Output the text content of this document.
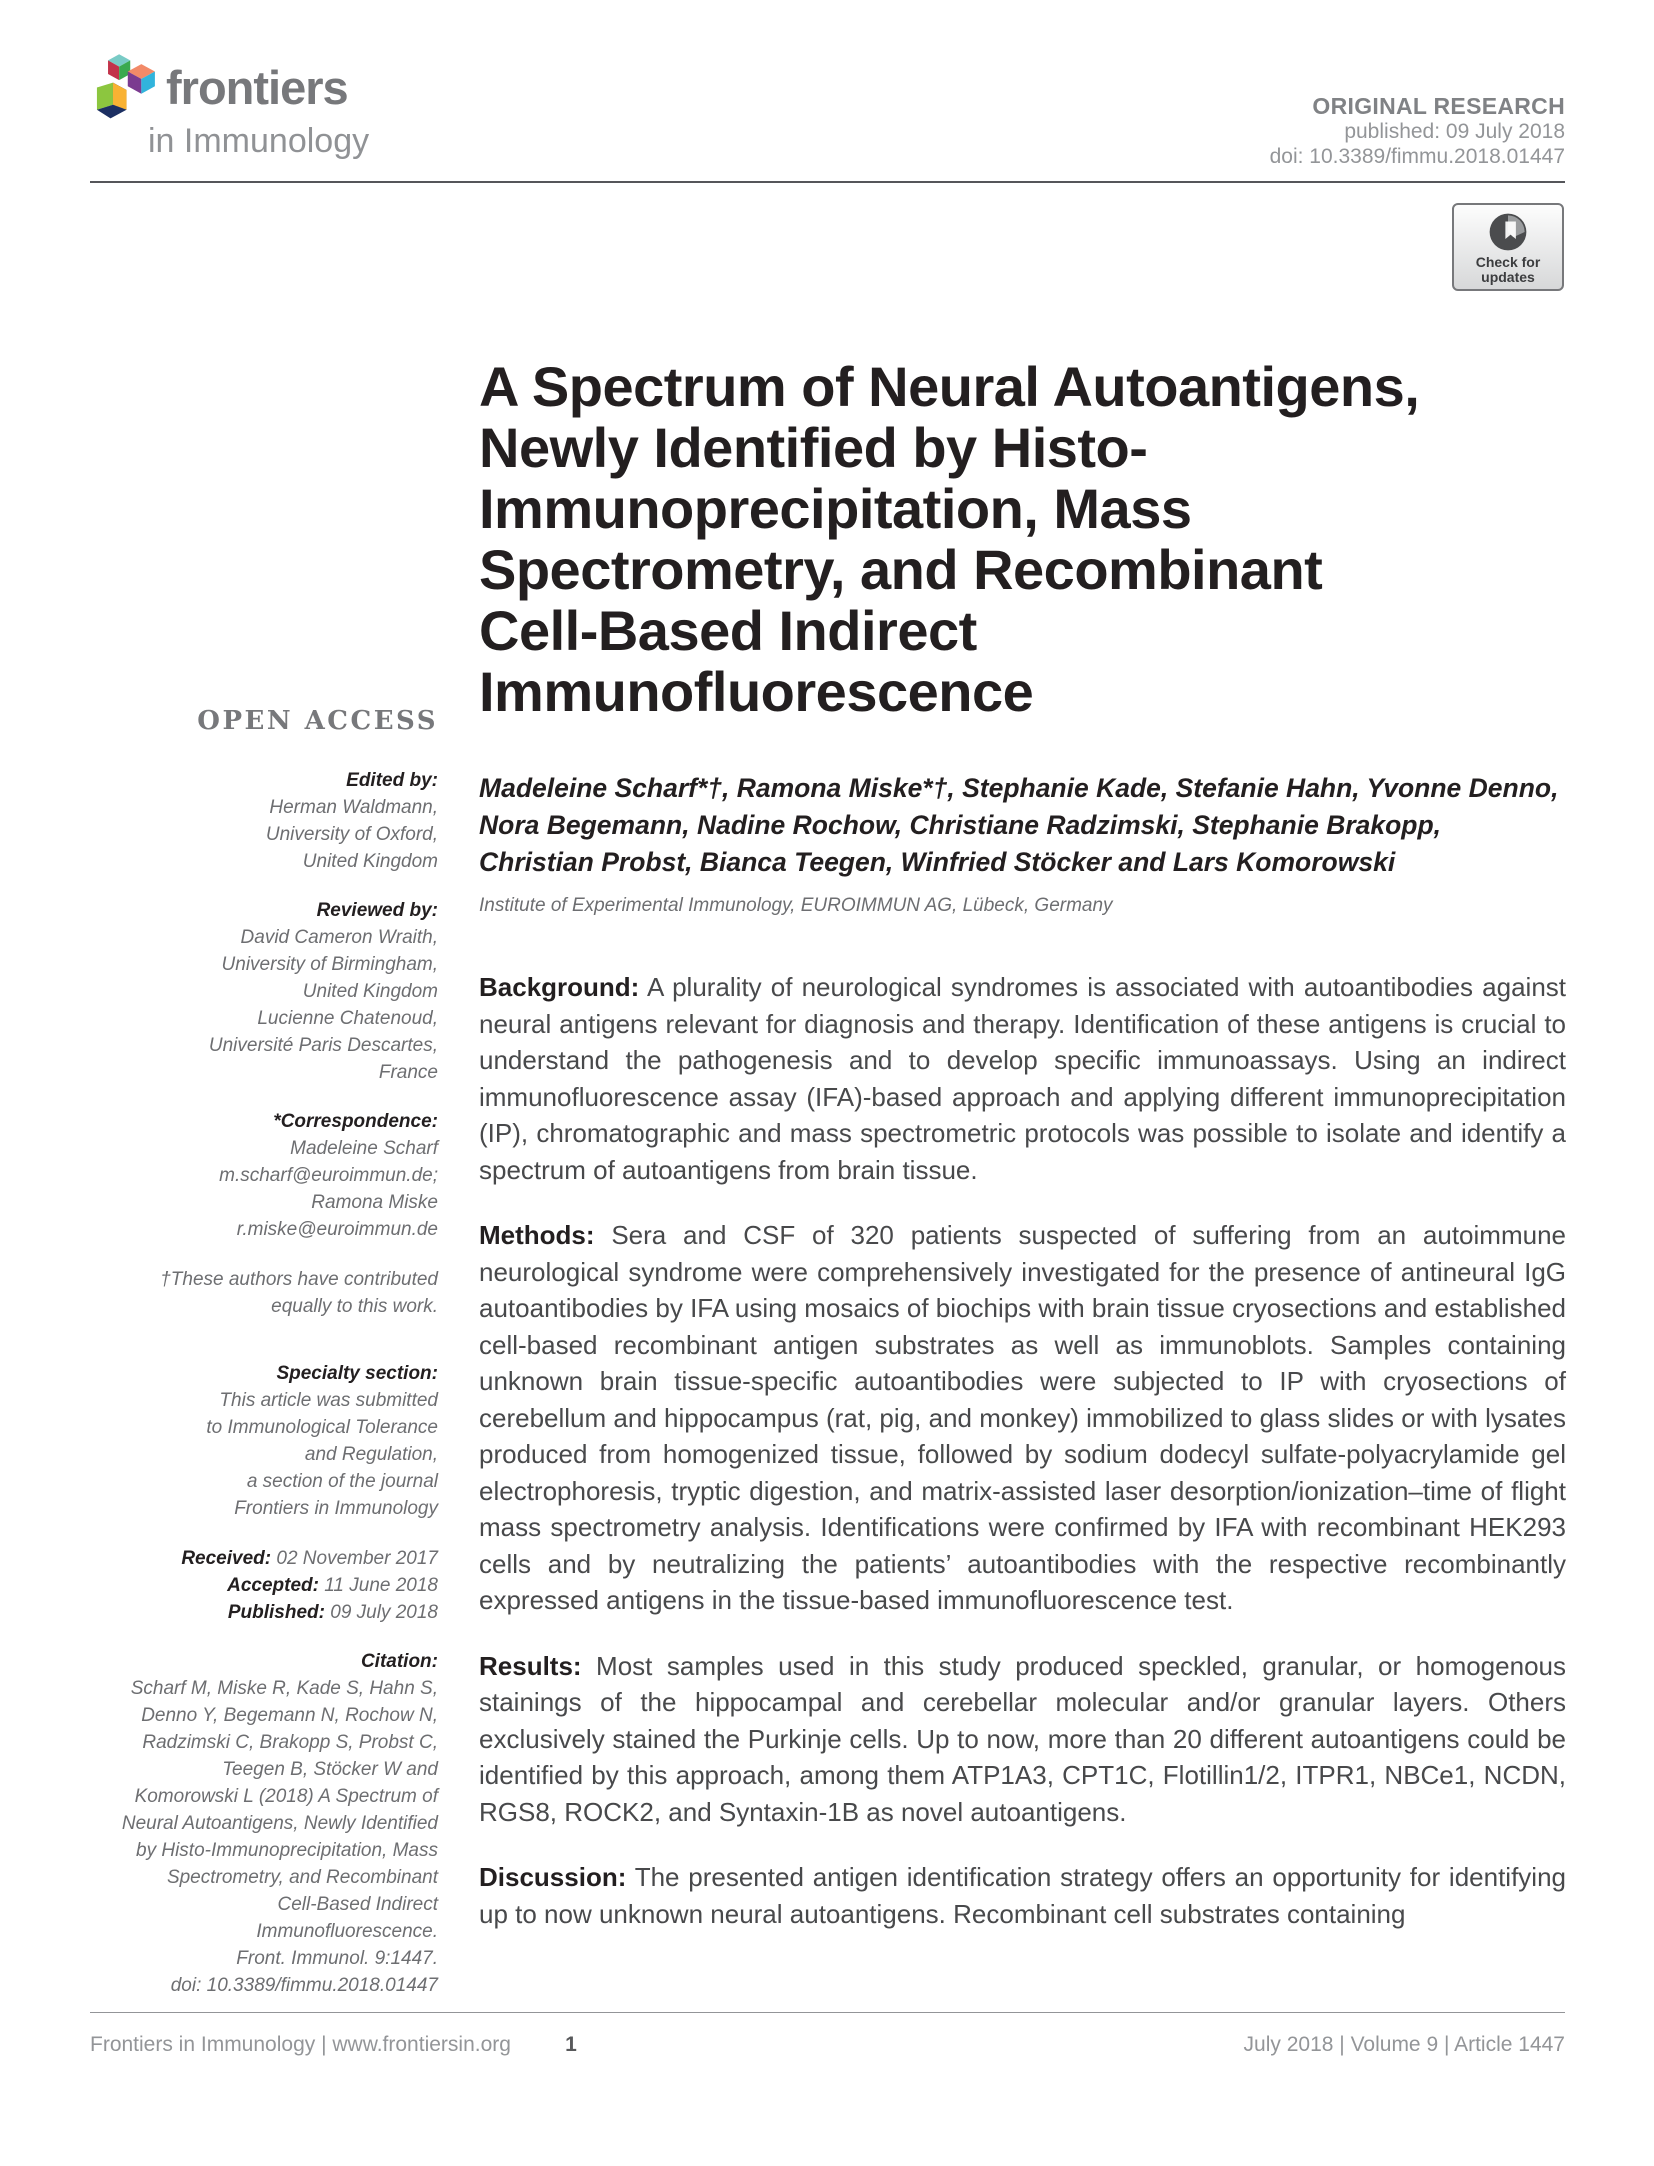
frontiers
in Immunology
ORIGINAL RESEARCH
published: 09 July 2018
doi: 10.3389/fimmu.2018.01447
Check for
updates
OPEN ACCESS
Edited by:
Herman Waldmann,
University of Oxford,
United Kingdom
Reviewed by:
David Cameron Wraith,
University of Birmingham,
United Kingdom
Lucienne Chatenoud,
Université Paris Descartes,
France
*Correspondence:
Madeleine Scharf
m.scharf@euroimmun.de;
Ramona Miske
r.miske@euroimmun.de
†These authors have contributed
equally to this work.
Specialty section:
This article was submitted
to Immunological Tolerance
and Regulation,
a section of the journal
Frontiers in Immunology
Received: 02 November 2017
Accepted: 11 June 2018
Published: 09 July 2018
Citation:
Scharf M, Miske R, Kade S, Hahn S,
Denno Y, Begemann N, Rochow N,
Radzimski C, Brakopp S, Probst C,
Teegen B, Stöcker W and
Komorowski L (2018) A Spectrum of
Neural Autoantigens, Newly Identified
by Histo-Immunoprecipitation, Mass
Spectrometry, and Recombinant
Cell-Based Indirect
Immunofluorescence.
Front. Immunol. 9:1447.
doi: 10.3389/fimmu.2018.01447
A Spectrum of Neural Autoantigens,
Newly Identified by Histo-
Immunoprecipitation, Mass
Spectrometry, and Recombinant
Cell-Based Indirect
Immunofluorescence
Madeleine Scharf*†, Ramona Miske*†, Stephanie Kade, Stefanie Hahn, Yvonne Denno,
Nora Begemann, Nadine Rochow, Christiane Radzimski, Stephanie Brakopp,
Christian Probst, Bianca Teegen, Winfried Stöcker and Lars Komorowski
Institute of Experimental Immunology, EUROIMMUN AG, Lübeck, Germany

Background: A plurality of neurological syndromes is associated with autoantibodies against neural antigens relevant for diagnosis and therapy. Identification of these antigens is crucial to understand the pathogenesis and to develop specific immunoassays. Using an indirect immunofluorescence assay (IFA)-based approach and applying different immunoprecipitation (IP), chromatographic and mass spectrometric protocols was possible to isolate and identify a spectrum of autoantigens from brain tissue.

Methods: Sera and CSF of 320 patients suspected of suffering from an autoimmune neurological syndrome were comprehensively investigated for the presence of antineural IgG autoantibodies by IFA using mosaics of biochips with brain tissue cryosections and established cell-based recombinant antigen substrates as well as immunoblots. Samples containing unknown brain tissue-specific autoantibodies were subjected to IP with cryosections of cerebellum and hippocampus (rat, pig, and monkey) immobilized to glass slides or with lysates produced from homogenized tissue, followed by sodium dodecyl sulfate-polyacrylamide gel electrophoresis, tryptic digestion, and matrix-assisted laser desorption/ionization–time of flight mass spectrometry analysis. Identifications were confirmed by IFA with recombinant HEK293 cells and by neutralizing the patients’ autoantibodies with the respective recombinantly expressed antigens in the tissue-based immunofluorescence test.

Results: Most samples used in this study produced speckled, granular, or homogenous stainings of the hippocampal and cerebellar molecular and/or granular layers. Others exclusively stained the Purkinje cells. Up to now, more than 20 different autoantigens could be identified by this approach, among them ATP1A3, CPT1C, Flotillin1/2, ITPR1, NBCe1, NCDN, RGS8, ROCK2, and Syntaxin-1B as novel autoantigens.

Discussion: The presented antigen identification strategy offers an opportunity for identifying up to now unknown neural autoantigens. Recombinant cell substrates containing

Frontiers in Immunology | www.frontiersin.org	1	July 2018 | Volume 9 | Article 1447
